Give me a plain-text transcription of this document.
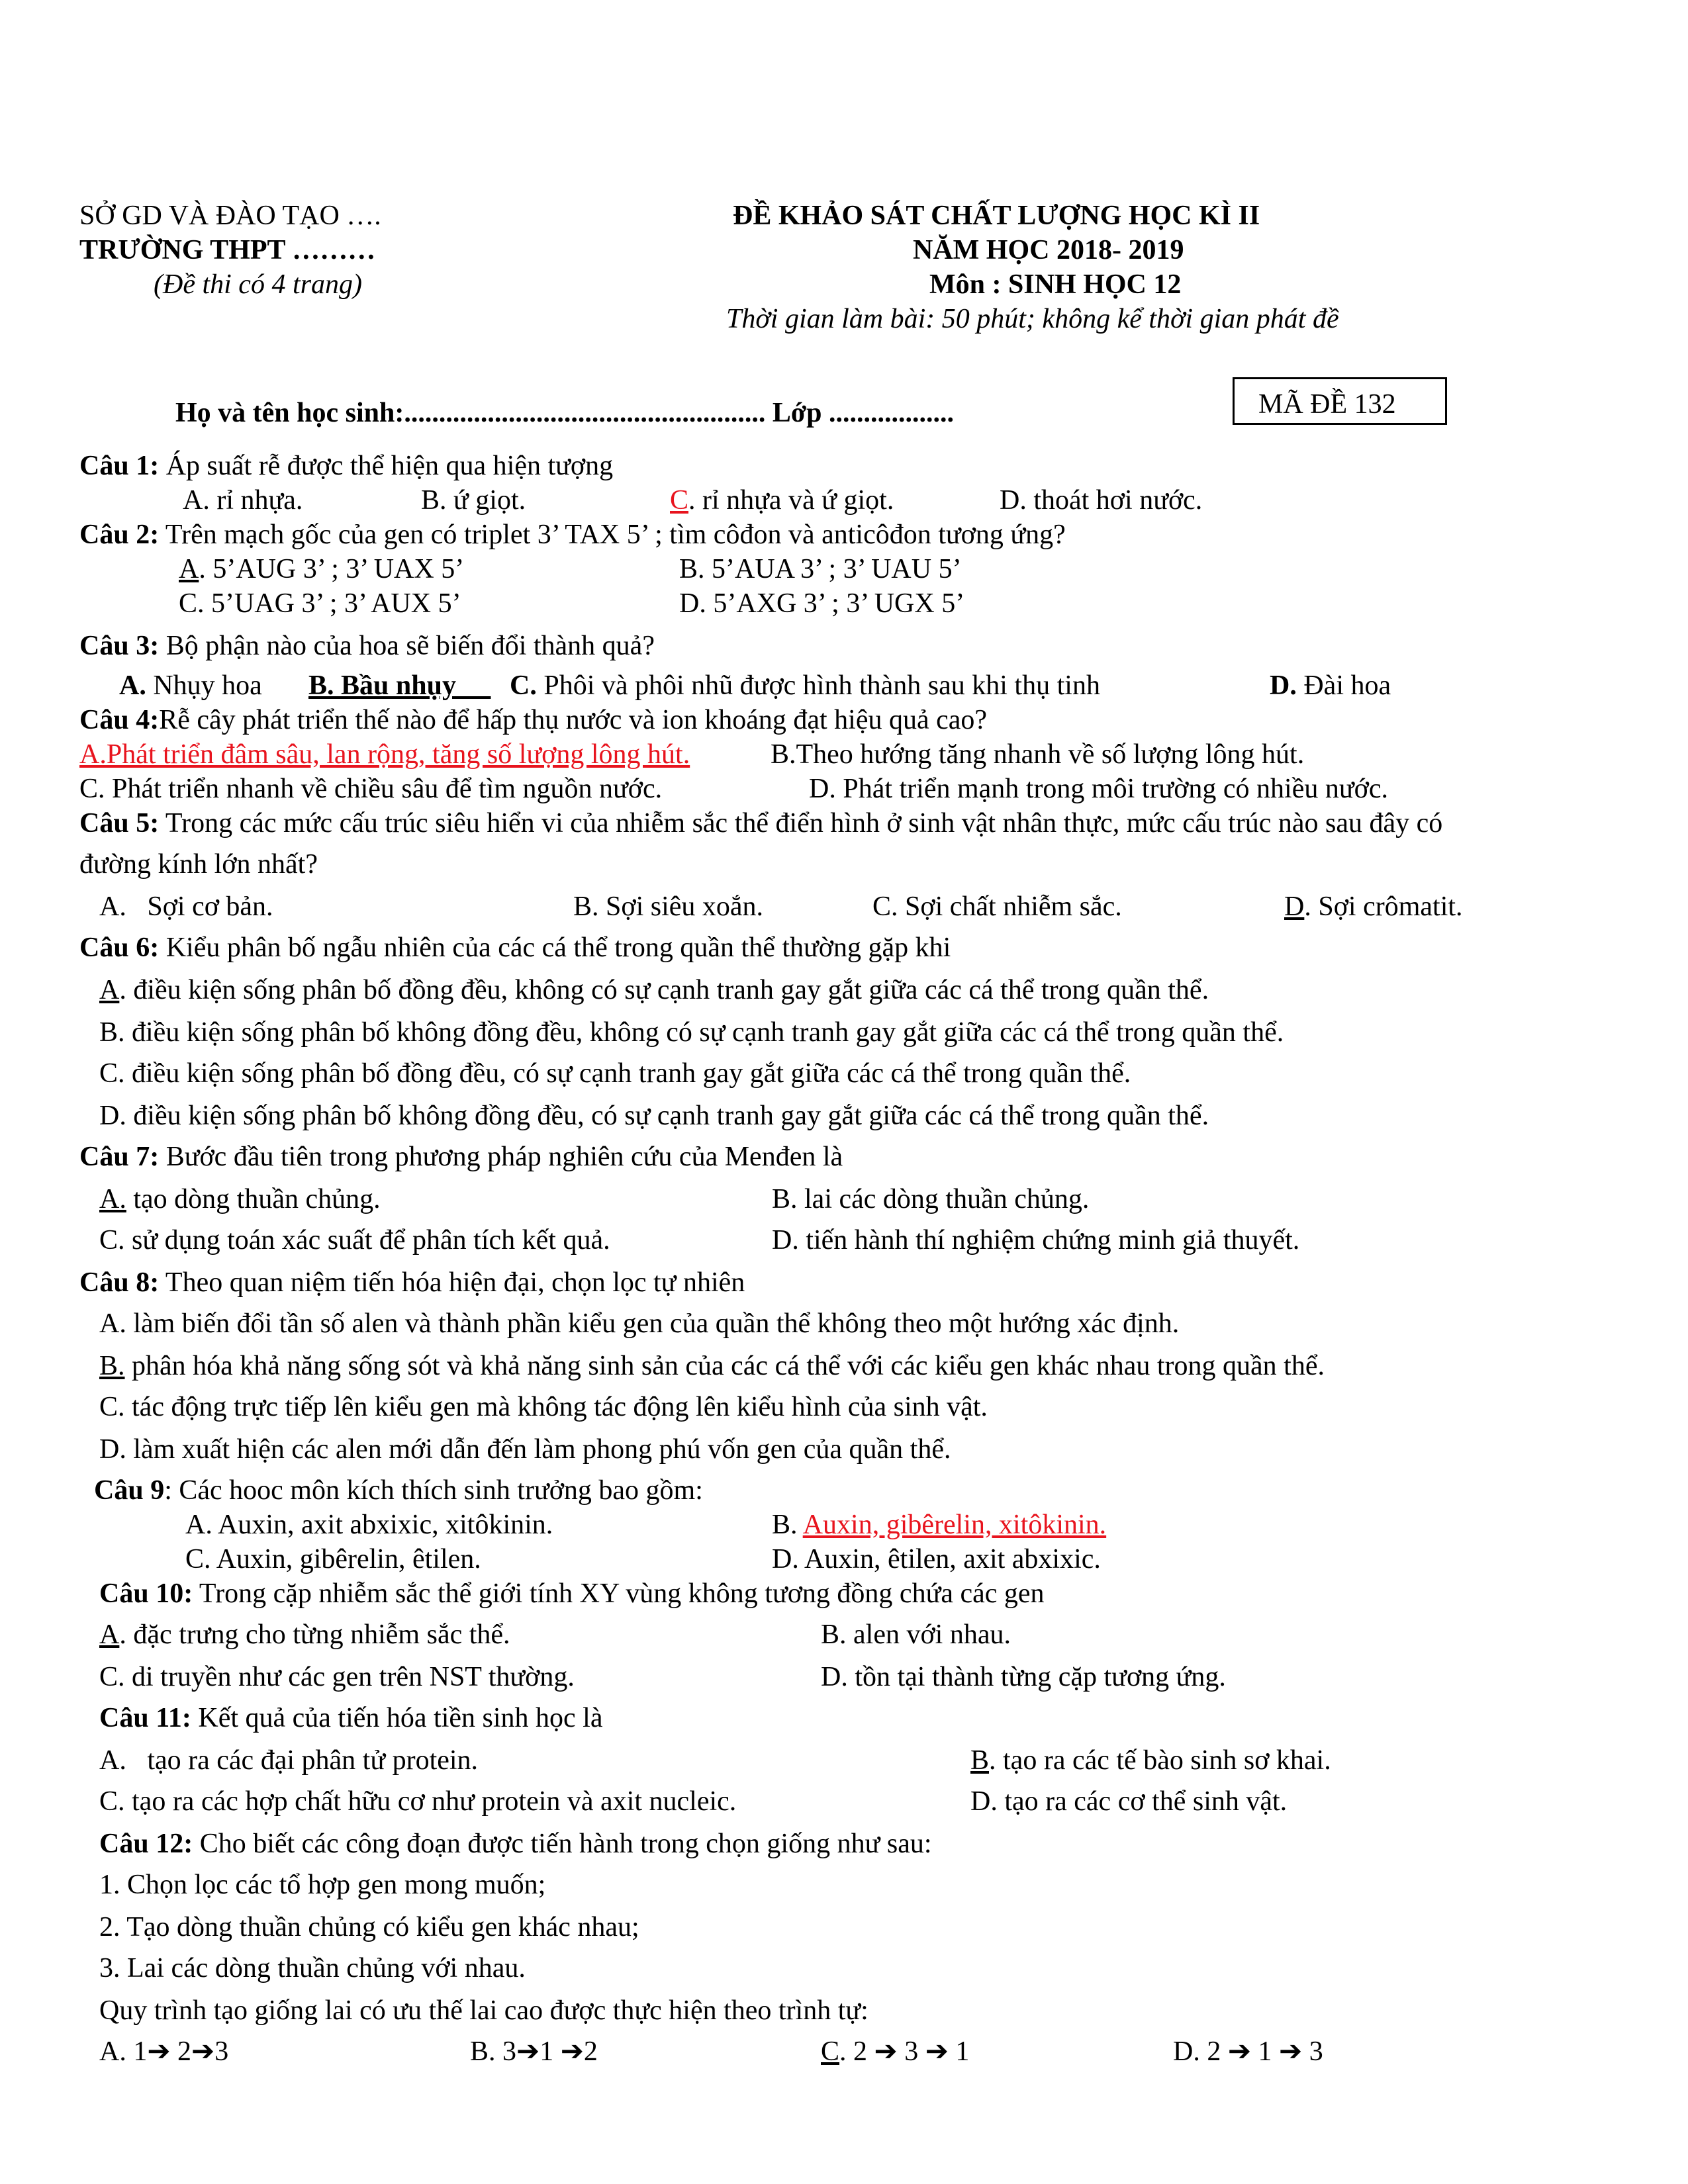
SỞ GD VÀ ĐÀO TẠO ….
TRƯỜNG THPT ………
(Đề thi có 4 trang)
ĐỀ KHẢO SÁT CHẤT LƯỢNG HỌC KÌ II
NĂM HỌC 2018- 2019
Môn : SINH HỌC 12
Thời gian làm bài: 50 phút; không kể thời gian phát đề
Họ và tên học sinh:.................................................... Lớp ..................	MÃ ĐỀ 132
Câu 1: Áp suất rễ được thể hiện qua hiện tượng
A. rỉ nhựa.	B. ứ giọt.	C. rỉ nhựa và ứ giọt.	D. thoát hơi nước.
Câu 2: Trên mạch gốc của gen có triplet 3’ TAX 5’ ; tìm côđon và anticôđon tương ứng?
A. 5’AUG 3’ ; 3’ UAX 5’	B. 5’AUA 3’ ; 3’ UAU 5’
C. 5’UAG 3’ ; 3’ AUX 5’	D. 5’AXG 3’ ; 3’ UGX 5’
Câu 3: Bộ phận nào của hoa sẽ biến đổi thành quả?
A. Nhụy hoa B. Bầu nhụy C. Phôi và phôi nhũ được hình thành sau khi thụ tinh	D. Đài hoa
Câu 4:Rễ cây phát triển thế nào để hấp thụ nước và ion khoáng đạt hiệu quả cao?
A.Phát triển đâm sâu, lan rộng, tăng số lượng lông hút.	B.Theo hướng tăng nhanh về số lượng lông hút.
C. Phát triển nhanh về chiều sâu để tìm nguồn nước.	D. Phát triển mạnh trong môi trường có nhiều nước.
Câu 5: Trong các mức cấu trúc siêu hiển vi của nhiễm sắc thể điển hình ở sinh vật nhân thực, mức cấu trúc nào sau đây có
đường kính lớn nhất?
A.   Sợi cơ bản.	B. Sợi siêu xoắn.	C. Sợi chất nhiễm sắc.	D. Sợi crômatit.
Câu 6: Kiểu phân bố ngẫu nhiên của các cá thể trong quần thể thường gặp khi
A. điều kiện sống phân bố đồng đều, không có sự cạnh tranh gay gắt giữa các cá thể trong quần thể.
B. điều kiện sống phân bố không đồng đều, không có sự cạnh tranh gay gắt giữa các cá thể trong quần thể.
C. điều kiện sống phân bố đồng đều, có sự cạnh tranh gay gắt giữa các cá thể trong quần thể.
D. điều kiện sống phân bố không đồng đều, có sự cạnh tranh gay gắt giữa các cá thể trong quần thể.
Câu 7: Bước đầu tiên trong phương pháp nghiên cứu của Menđen là
A. tạo dòng thuần chủng.	B. lai các dòng thuần chủng.
C. sử dụng toán xác suất để phân tích kết quả.	D. tiến hành thí nghiệm chứng minh giả thuyết.
Câu 8: Theo quan niệm tiến hóa hiện đại, chọn lọc tự nhiên
A. làm biến đổi tần số alen và thành phần kiểu gen của quần thể không theo một hướng xác định.
B. phân hóa khả năng sống sót và khả năng sinh sản của các cá thể với các kiểu gen khác nhau trong quần thể.
C. tác động trực tiếp lên kiểu gen mà không tác động lên kiểu hình của sinh vật.
D. làm xuất hiện các alen mới dẫn đến làm phong phú vốn gen của quần thể.
Câu 9: Các hooc môn kích thích sinh trưởng bao gồm:
A. Auxin, axit abxixic, xitôkinin.	B. Auxin, gibêrelin, xitôkinin.
C. Auxin, gibêrelin, êtilen.	D. Auxin, êtilen, axit abxixic.
Câu 10: Trong cặp nhiễm sắc thể giới tính XY vùng không tương đồng chứa các gen
A. đặc trưng cho từng nhiễm sắc thể.	B. alen với nhau.
C. di truyền như các gen trên NST thường.	D. tồn tại thành từng cặp tương ứng.
Câu 11: Kết quả của tiến hóa tiền sinh học là
A.   tạo ra các đại phân tử protein.	B. tạo ra các tế bào sinh sơ khai.
C. tạo ra các hợp chất hữu cơ như protein và axit nucleic.	D. tạo ra các cơ thể sinh vật.
Câu 12: Cho biết các công đoạn được tiến hành trong chọn giống như sau:
1. Chọn lọc các tổ hợp gen mong muốn;
2. Tạo dòng thuần chủng có kiểu gen khác nhau;
3. Lai các dòng thuần chủng với nhau.
Quy trình tạo giống lai có ưu thế lai cao được thực hiện theo trình tự:
A. 1➔ 2➔3	B. 3➔1 ➔2	C. 2 ➔ 3 ➔ 1	D. 2 ➔ 1 ➔ 3
